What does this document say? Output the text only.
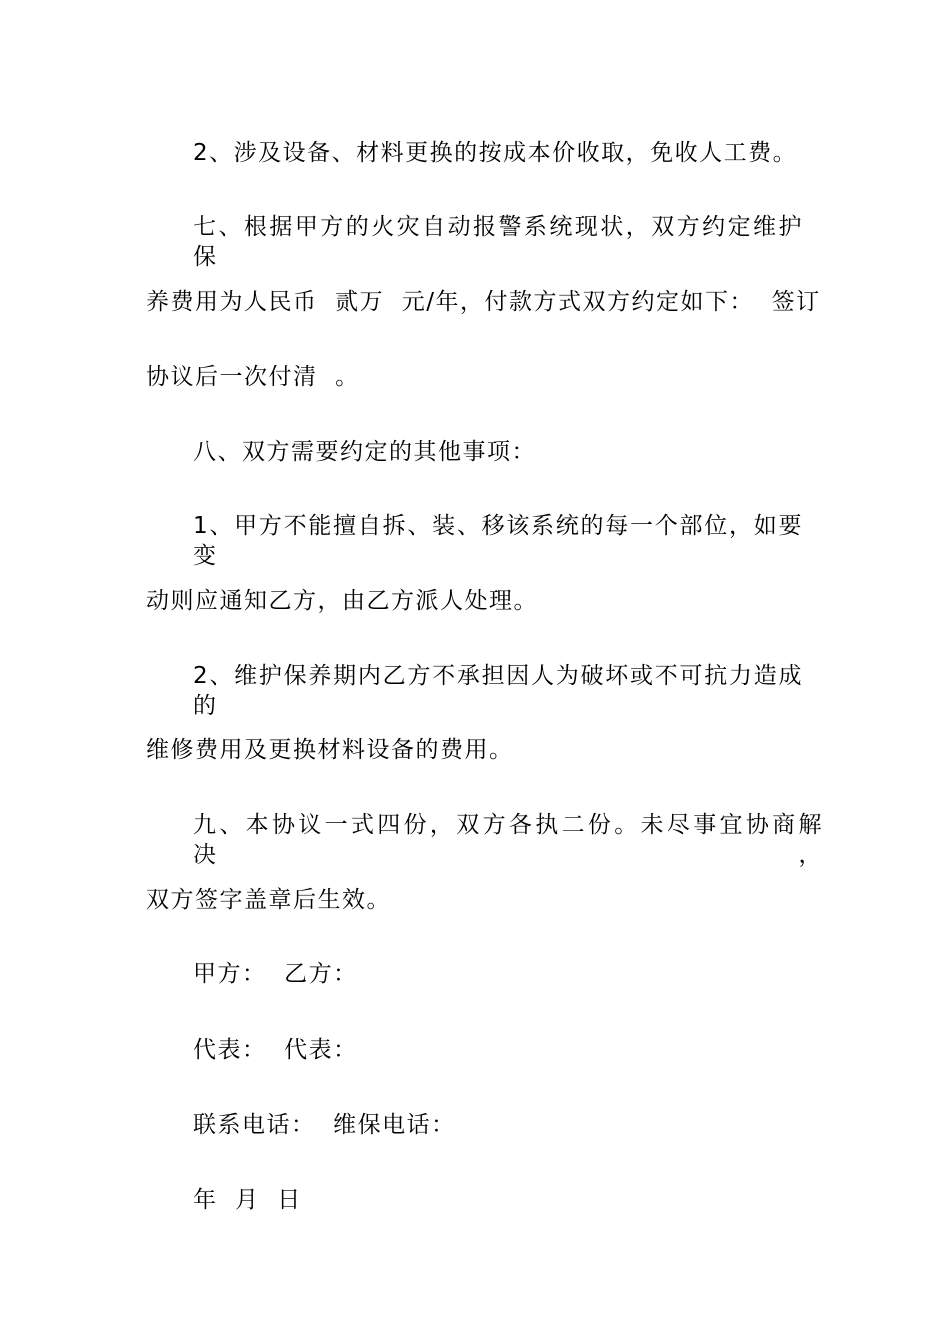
2、涉及设备、材料更换的按成本价收取，免收人工费。
七、根据甲方的火灾自动报警系统现状，双方约定维护保
养费用为人民币  贰万  元/年，付款方式双方约定如下：  签订
协议后一次付清  。
八、双方需要约定的其他事项：
1、甲方不能擅自拆、装、移该系统的每一个部位，如要变
动则应通知乙方，由乙方派人处理。
2、维护保养期内乙方不承担因人为破坏或不可抗力造成的
维修费用及更换材料设备的费用。
九、本协议一式四份，双方各执二份。未尽事宜协商解决，
双方签字盖章后生效。
甲方：  乙方：
代表：  代表：
联系电话：  维保电话：
年  月  日
